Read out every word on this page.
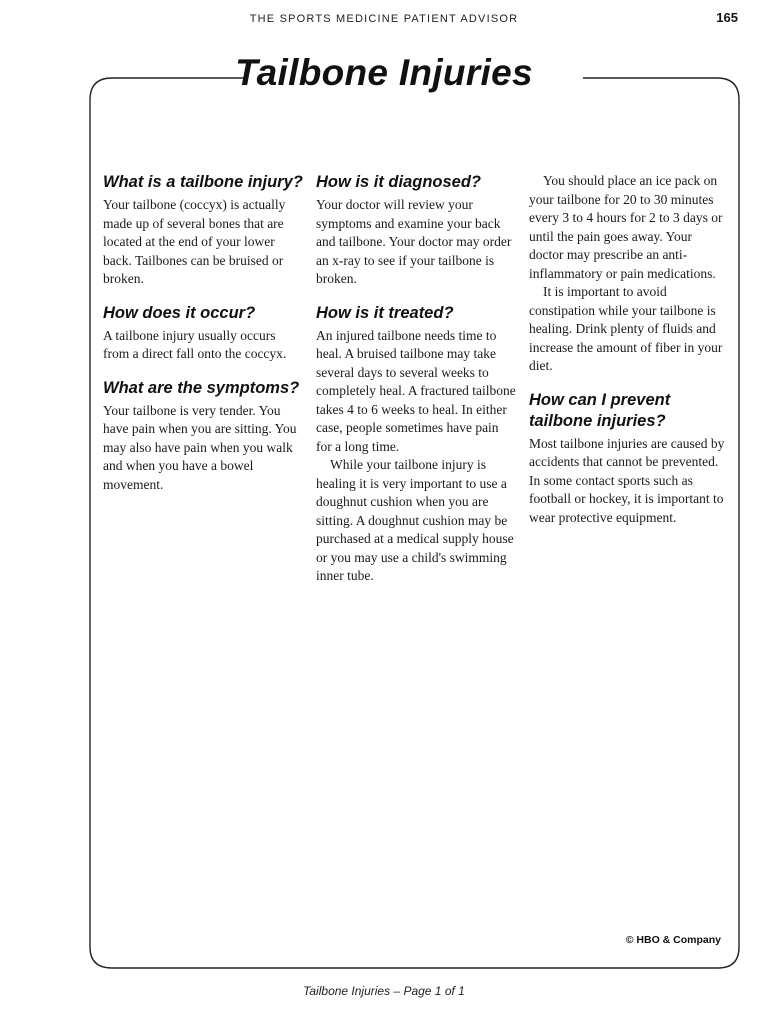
THE SPORTS MEDICINE PATIENT ADVISOR	165
Tailbone Injuries
What is a tailbone injury?

Your tailbone (coccyx) is actually made up of several bones that are located at the end of your lower back. Tailbones can be bruised or broken.

How does it occur?

A tailbone injury usually occurs from a direct fall onto the coccyx.

What are the symptoms?

Your tailbone is very tender. You have pain when you are sitting. You may also have pain when you walk and when you have a bowel movement.

How is it diagnosed?

Your doctor will review your symptoms and examine your back and tailbone. Your doctor may order an x-ray to see if your tailbone is broken.

How is it treated?

An injured tailbone needs time to heal. A bruised tailbone may take several days to several weeks to completely heal. A fractured tailbone takes 4 to 6 weeks to heal. In either case, people sometimes have pain for a long time.

While your tailbone injury is healing it is very important to use a doughnut cushion when you are sitting. A doughnut cushion may be purchased at a medical supply house or you may use a child's swimming inner tube.

You should place an ice pack on your tailbone for 20 to 30 minutes every 3 to 4 hours for 2 to 3 days or until the pain goes away. Your doctor may prescribe an anti-inflammatory or pain medications.

It is important to avoid constipation while your tailbone is healing. Drink plenty of fluids and increase the amount of fiber in your diet.

How can I prevent tailbone injuries?

Most tailbone injuries are caused by accidents that cannot be prevented. In some contact sports such as football or hockey, it is important to wear protective equipment.

© HBO & Company
Tailbone Injuries – Page 1 of 1
